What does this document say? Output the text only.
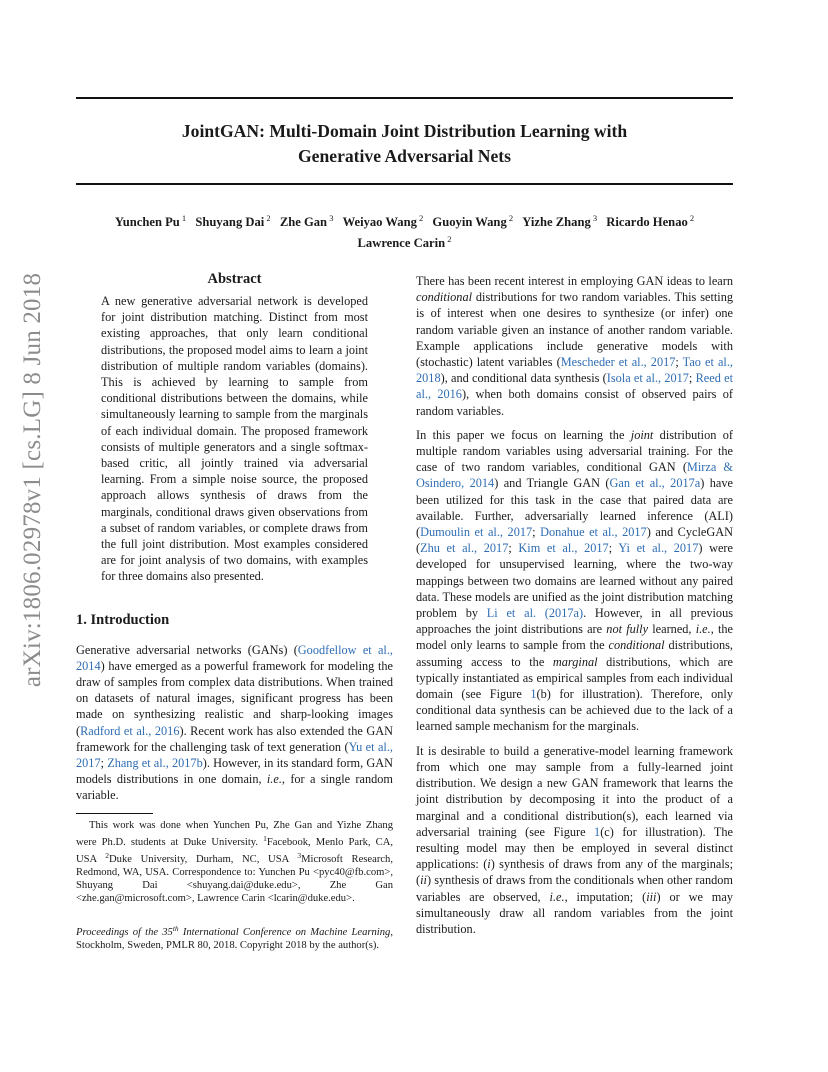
arXiv:1806.02978v1 [cs.LG] 8 Jun 2018
JointGAN: Multi-Domain Joint Distribution Learning with
Generative Adversarial Nets
Yunchen Pu $^1$ Shuyang Dai $^2$ Zhe Gan $^3$ Weiyao Wang $^2$ Guoyin Wang $^2$ Yizhe Zhang $^3$ Ricardo Henao $^2$
Lawrence Carin $^2$
Abstract

A new generative adversarial network is developed for joint distribution matching. Distinct from most existing approaches, that only learn conditional distributions, the proposed model aims to learn a joint distribution of multiple random variables (domains). This is achieved by learning to sample from conditional distributions between the domains, while simultaneously learning to sample from the marginals of each individual domain. The proposed framework consists of multiple generators and a single softmax-based critic, all jointly trained via adversarial learning. From a simple noise source, the proposed approach allows synthesis of draws from the marginals, conditional draws given observations from a subset of random variables, or complete draws from the full joint distribution. Most examples considered are for joint analysis of two domains, with examples for three domains also presented.

1. Introduction

Generative adversarial networks (GANs) (Goodfellow et al., 2014) have emerged as a powerful framework for modeling the draw of samples from complex data distributions. When trained on datasets of natural images, significant progress has been made on synthesizing realistic and sharp-looking images (Radford et al., 2016). Recent work has also extended the GAN framework for the challenging task of text generation (Yu et al., 2017; Zhang et al., 2017b). However, in its standard form, GAN models distributions in one domain, i.e., for a single random variable.

This work was done when Yunchen Pu, Zhe Gan and Yizhe Zhang were Ph.D. students at Duke University. $^1$Facebook, Menlo Park, CA, USA $^2$Duke University, Durham, NC, USA $^3$Microsoft Research, Redmond, WA, USA. Correspondence to: Yunchen Pu <pyc40@fb.com>, Shuyang Dai <shuyang.dai@duke.edu>, Zhe Gan <zhe.gan@microsoft.com>, Lawrence Carin <lcarin@duke.edu>.

Proceedings of the 35th International Conference on Machine Learning, Stockholm, Sweden, PMLR 80, 2018. Copyright 2018 by the author(s).

There has been recent interest in employing GAN ideas to learn conditional distributions for two random variables. This setting is of interest when one desires to synthesize (or infer) one random variable given an instance of another random variable. Example applications include generative models with (stochastic) latent variables (Mescheder et al., 2017; Tao et al., 2018), and conditional data synthesis (Isola et al., 2017; Reed et al., 2016), when both domains consist of observed pairs of random variables.

In this paper we focus on learning the joint distribution of multiple random variables using adversarial training. For the case of two random variables, conditional GAN (Mirza & Osindero, 2014) and Triangle GAN (Gan et al., 2017a) have been utilized for this task in the case that paired data are available. Further, adversarially learned inference (ALI) (Dumoulin et al., 2017; Donahue et al., 2017) and CycleGAN (Zhu et al., 2017; Kim et al., 2017; Yi et al., 2017) were developed for unsupervised learning, where the two-way mappings between two domains are learned without any paired data. These models are unified as the joint distribution matching problem by Li et al. (2017a). However, in all previous approaches the joint distributions are not fully learned, i.e., the model only learns to sample from the conditional distributions, assuming access to the marginal distributions, which are typically instantiated as empirical samples from each individual domain (see Figure 1(b) for illustration). Therefore, only conditional data synthesis can be achieved due to the lack of a learned sample mechanism for the marginals.

It is desirable to build a generative-model learning framework from which one may sample from a fully-learned joint distribution. We design a new GAN framework that learns the joint distribution by decomposing it into the product of a marginal and a conditional distribution(s), each learned via adversarial training (see Figure 1(c) for illustration). The resulting model may then be employed in several distinct applications: (i) synthesis of draws from any of the marginals; (ii) synthesis of draws from the conditionals when other random variables are observed, i.e., imputation; (iii) or we may simultaneously draw all random variables from the joint distribution.
